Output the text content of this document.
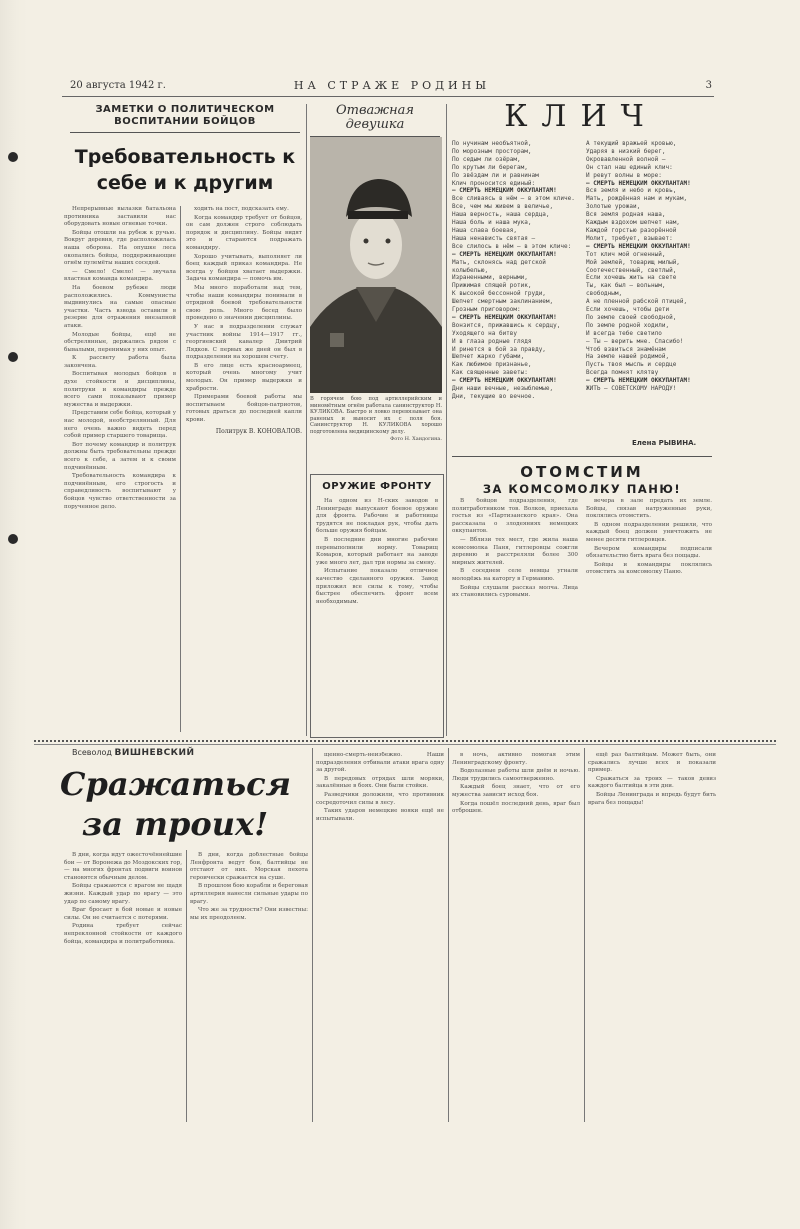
20 августа 1942 г.	НА СТРАЖЕ РОДИНЫ	3
ЗАМЕТКИ О ПОЛИТИЧЕСКОМ ВОСПИТАНИИ БОЙЦОВ
Требовательность к себе и к другим

Непрерывные вылазки батальона противника заставили нас оборудовать новые огневые точки.

Бойцы отошли на рубеж к ручью. Вокруг деревня, где расположилась наша оборона. На опушке леса окопались бойцы, поддерживающие огнём пулемёты наших соседей.

— Смело! Смело! — звучала властная команда командира.

На боевом рубеже люди расположились. Коммунисты выдвинулись на самые опасные участки. Часть взвода оставили в резерве для отражения внезапной атаки.

Молодые бойцы, ещё не обстрелянные, держались рядом с бывалыми, перенимая у них опыт.

К рассвету работа была закончена.

Воспитывая молодых бойцов в духе стойкости и дисциплины, политруки и командиры прежде всего сами показывают пример мужества и выдержки.

Представим себе бойца, который у нас молодой, необстрелянный. Для него очень важно видеть перед собой пример старшего товарища.

Вот почему командир и политрук должны быть требовательны прежде всего к себе, а затем и к своим подчинённым.

Требовательность командира к подчинённым, его строгость и справедливость воспитывают у бойцов чувство ответственности за порученное дело.

ходить на пост, подсказать ему.

Когда командир требует от бойцов, он сам должен строго соблюдать порядок и дисциплину. Бойцы видят это и стараются подражать командиру.

Хорошо учитывать, выполняет ли боец каждый приказ командира. Не всегда у бойцов хватает выдержки. Задача командира — помочь им.

Мы много поработали над тем, чтобы наши командиры понимали в отрядной боевой требовательности свою роль. Много бесед было проведено о значении дисциплины.

У нас в подразделении служат участник войны 1914—1917 гг., георгиевский кавалер Дмитрий Лядков. С первых же дней он был в подразделении на хорошем счету.

В его лице есть красноармеец, который очень многому учит молодых. Он пример выдержки и храбрости.

Примерами боевой работы мы воспитываем бойцов-патриотов, готовых драться до последней капли крови.

Политрук В. КОНОВАЛОВ.
Отважная девушка
В горячем бою под артиллерийским и миномётным огнём работала санинструктор Н. КУЛИКОВА. Быстро и ловко перевязывает она раненых и выносит их с поля боя. Санинструктор Н. КУЛИКОВА хорошо подготовлена медицинскому делу.
Фото Н. Хандогина.
ОРУЖИЕ ФРОНТУ

На одном из Н-ских заводов в Ленинграде выпускают боевое оружие для фронта. Рабочие и работницы трудятся не покладая рук, чтобы дать больше оружия бойцам.

В последние дни многие рабочие перевыполнили норму. Товарищ Комаров, который работает на заводе уже много лет, дал три нормы за смену.

Испытание показало отличное качество сделанного оружия. Завод приложил все силы к тому, чтобы быстрее обеспечить фронт всем необходимым.

КЛИЧ
По нучинам необъятной,
По морозным просторам,
По седым ли озёрам,
По крутым ли берегам,
По звёздам ли и равнинам
Клич проносится единый:
— СМЕРТЬ НЕМЕЦКИМ ОККУПАНТАМ!
Все сливаясь в нём — в этом кличе.
Все, чем мы живем в величье,
Наша верность, наша сердца,
Наша боль и наша мука,
Наша слава боевая,
Наша ненависть святая —
Все слилось в нём — в этом кличе:
— СМЕРТЬ НЕМЕЦКИМ ОККУПАНТАМ!
Мать, склонясь над детской колыбелью,
Израненными, верными,
Прижимая спящей ротик,
К высокой бессонной груди,
Шепчет смертным заклинанием,
Грозным приговором:
— СМЕРТЬ НЕМЕЦКИМ ОККУПАНТАМ!
Вонзится, прижавшись к сердцу,
Уходящего на битву
И в глаза родные глядя
И ринется в бой за правду,
Шепчет жарко губами,
Как любимое признанье,
Как священные заветы:
— СМЕРТЬ НЕМЕЦКИМ ОККУПАНТАМ!
Дни наши вечные, незыблемые,
Дни, текущие во вечное.
А текущий вражьей кровью,
Ударяя в низкий берег,
Окровавленной волной —
Он стал наш единый клич:
И ревут волны в море:
— СМЕРТЬ НЕМЕЦКИМ ОККУПАНТАМ!
Вся земля и небо и кровь,
Мать, рождённая нам и мукам,
Золотые урожаи,
Вся земля родная наша,
Каждым вздохом шепчет нам,
Каждой горстью разорённой
Молит, требует, взывает:
— СМЕРТЬ НЕМЕЦКИМ ОККУПАНТАМ!
Тот клич мой огненный,
Мой землей, товарищ милый,
Соотечественный, светлый,
Если хочешь жить на свете
Ты, как был — вольным,
свободным,
А не пленной рабской птицей,
Если хочешь, чтобы дети
По земле своей свободной,
По земле родной ходили,
И всегда тебе светило
— Ты — верить мне. Спасибо!
Чтоб взвиться знамёнам
На земле нашей родимой,
Пусть твоя мысль и сердце
Всегда помнят клятву
— СМЕРТЬ НЕМЕЦКИМ ОККУПАНТАМ!
ЖИТЬ — СОВЕТСКОМУ НАРОДУ!
Елена РЫВИНА.
ОТОМСТИМ
ЗА КОМСОМОЛКУ ПАНЮ!

В бойцов подразделения, где политработником тов. Волков, приехала гостья из «Партизанского края». Она рассказала о злодеяниях немецких оккупантов.

— Вблизи тех мест, где жила наша комсомолка Паня, гитлеровцы сожгли деревню и расстреляли более 300 мирных жителей.

В соседнем селе немцы угнали молодёжь на каторгу в Германию.

Бойцы слушали рассказ молча. Лица их становились суровыми.

вечера в зале предать их земле. Бойцы, связав натруженные руки, поклялись отомстить.

В одном подразделении решили, что каждый боец должен уничтожить не менее десяти гитлеровцев.

Вечером командиры подписали обязательство бить врага без пощады.

Бойцы и командиры поклялись отомстить за комсомолку Паню.

Всеволод ВИШНЕВСКИЙ
Сражаться за троих!

В дни, когда идут ожесточённейшие бои — от Воронежа до Моздокских гор, — на многих фронтах подвиги воинов становятся обычным делом.

Бойцы сражаются с врагом не щадя жизни. Каждый удар по врагу — это удар по самому врагу.

Враг бросает в бой новые и новые силы. Он не считается с потерями.

Родина требует сейчас непреклонной стойкости от каждого бойца, командира и политработника.

В дни, когда доблестные бойцы Ленфронта ведут бои, балтийцы не отстают от них. Морская пехота героически сражается на суше.

В прошлом бою корабли и береговая артиллерия нанесли сильные удары по врагу.

Что же за трудности? Они известны: мы их преодолеем.

щенно-смерть-неизбежно. Наши подразделения отбивали атаки врага одну за другой.

В передовых отрядах шли моряки, закалённые в боях. Они были стойки.

Разведчики доложили, что противник сосредоточил силы в лесу.

Таких ударов немецкие вояки ещё не испытывали.

в ночь, активно помогая этим Ленинградскому фронту.

Водолазные работы шли днём и ночью. Люди трудились самоотверженно.

Каждый боец знает, что от его мужества зависит исход боя.

Когда пошёл последний день, враг был отброшен.

ещё раз балтийцам. Может быть, они сражались лучше всех и показали пример.

Сражаться за троих — таков девиз каждого балтийца в эти дни.

Бойцы Ленинграда и впредь будут бить врага без пощады!
